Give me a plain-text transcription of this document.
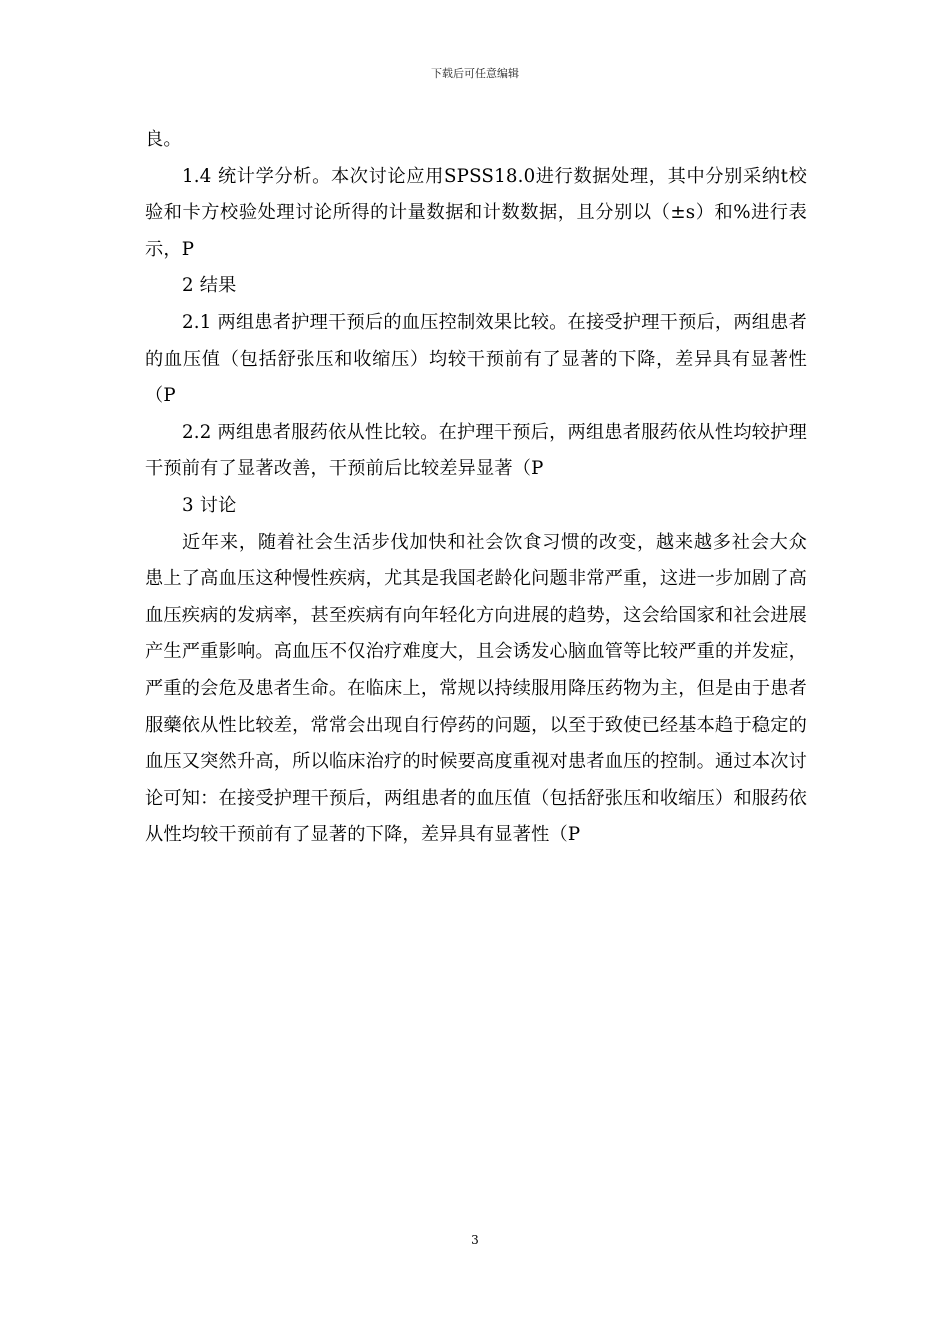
下载后可任意编辑

良。

1.4 统计学分析。本次讨论应用SPSS18.0进行数据处理，其中分别采纳t校验和卡方校验处理讨论所得的计量数据和计数数据，且分别以（±s）和%进行表示，P

2 结果

2.1 两组患者护理干预后的血压控制效果比较。在接受护理干预后，两组患者的血压值（包括舒张压和收缩压）均较干预前有了显著的下降，差异具有显著性（P

2.2 两组患者服药依从性比较。在护理干预后，两组患者服药依从性均较护理干预前有了显著改善，干预前后比较差异显著（P

3 讨论

近年来，随着社会生活步伐加快和社会饮食习惯的改变，越来越多社会大众患上了高血压这种慢性疾病，尤其是我国老龄化问题非常严重，这进一步加剧了高血压疾病的发病率，甚至疾病有向年轻化方向进展的趋势，这会给国家和社会进展产生严重影响。高血压不仅治疗难度大，且会诱发心脑血管等比较严重的并发症，严重的会危及患者生命。在临床上，常规以持续服用降压药物为主，但是由于患者服藥依从性比较差，常常会出现自行停药的问题，以至于致使已经基本趋于稳定的血压又突然升高，所以临床治疗的时候要高度重视对患者血压的控制。通过本次讨论可知：在接受护理干预后，两组患者的血压值（包括舒张压和收缩压）和服药依从性均较干预前有了显著的下降，差异具有显著性（P

3
